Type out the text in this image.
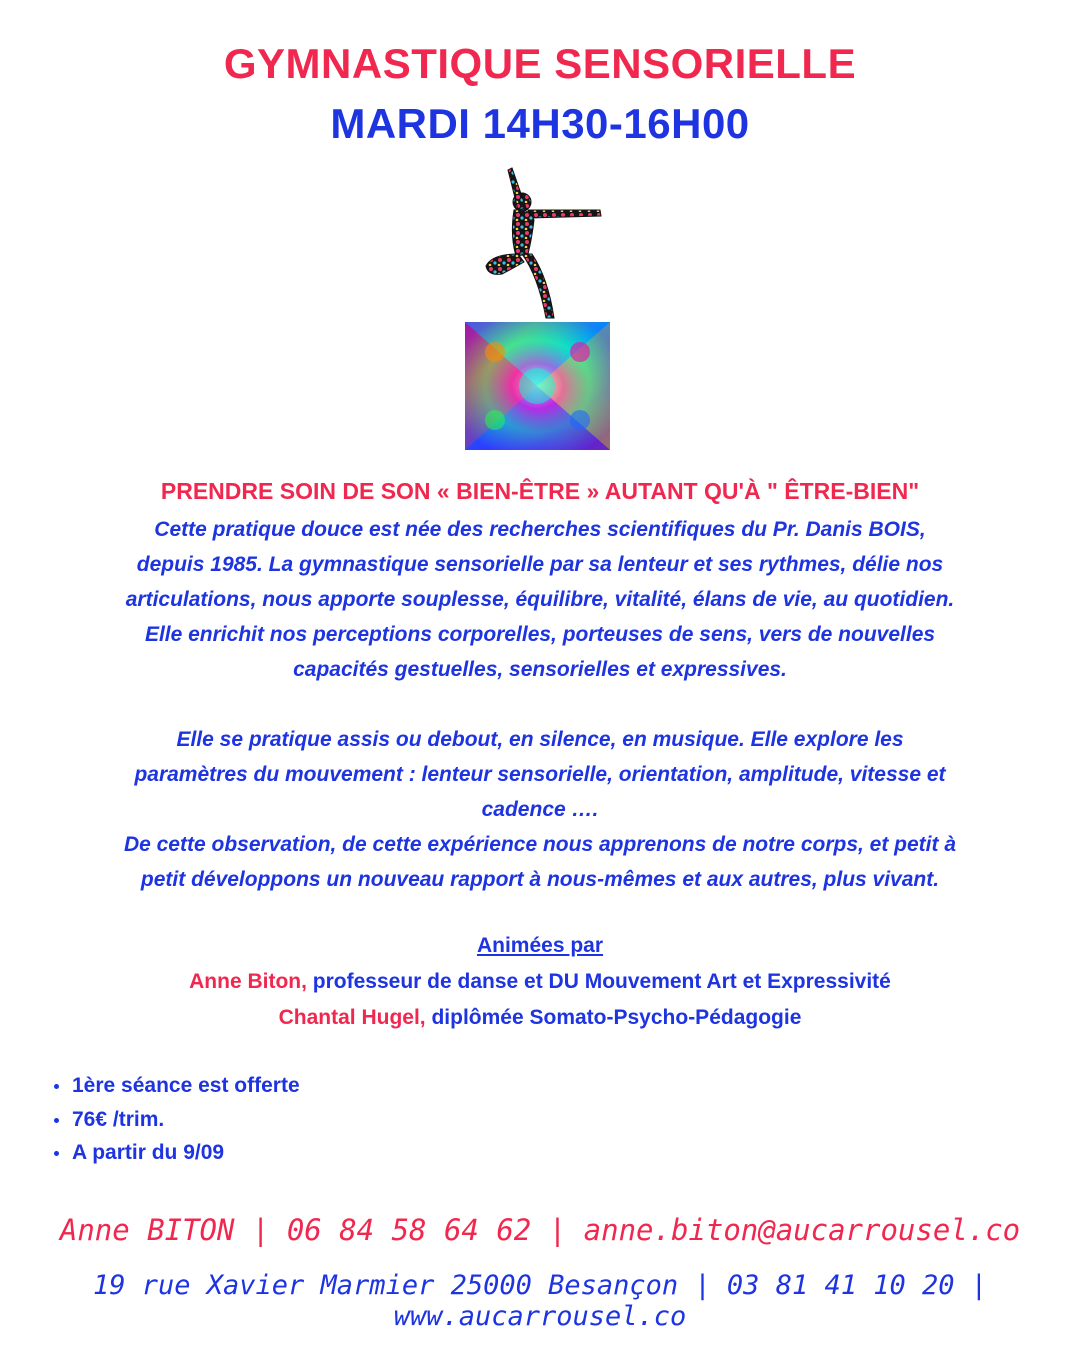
GYMNASTIQUE SENSORIELLE
MARDI 14H30-16H00
PRENDRE SOIN DE SON « BIEN-ÊTRE » AUTANT QU'À " ÊTRE-BIEN"

Cette pratique douce est née des recherches scientifiques du Pr. Danis BOIS,
depuis 1985. La gymnastique sensorielle par sa lenteur et ses rythmes, délie nos
articulations, nous apporte souplesse, équilibre, vitalité, élans de vie, au quotidien.
Elle enrichit nos perceptions corporelles, porteuses de sens, vers de nouvelles
capacités gestuelles, sensorielles et expressives.

Elle se pratique assis ou debout, en silence, en musique. Elle explore les
paramètres du mouvement : lenteur sensorielle, orientation, amplitude, vitesse et
cadence ….
De cette observation, de cette expérience nous apprenons de notre corps, et petit à
petit développons un nouveau rapport à nous-mêmes et aux autres, plus vivant.

Animées par
Anne Biton, professeur de danse et DU Mouvement Art et Expressivité
Chantal Hugel, diplômée Somato-Psycho-Pédagogie
1ère séance est offerte
76€ /trim.
A partir du 9/09
Anne BITON | 06 84 58 64 62 | anne.biton@aucarrousel.co
19 rue Xavier Marmier 25000 Besançon | 03 81 41 10 20 | www.aucarrousel.co
